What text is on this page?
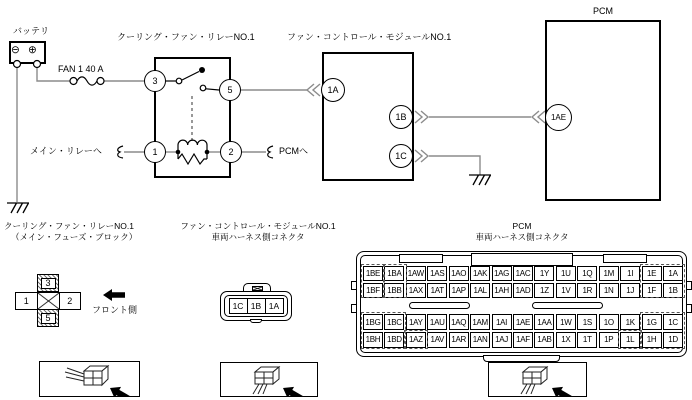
バッテリ
⊖ ⊕
FAN 1 40 A
クーリング・ファン・リレーNO.1	ファン・コントロール・モジュールNO.1
PCM
メイン・リレーへ	PCMへ
3
5
1	2
1A
1B
1C
1AE
クーリング・ファン・リレーNO.1
（メイン・フューズ・ブロック）
ファン・コントロール・モジュールNO.1
車両ハーネス側コネクタ
PCM
車両ハーネス側コネクタ
3
1	2
5
フロント側	1C 1B 1A
1BE 1BA 1AW 1AS 1AO 1AK 1AG 1AC	1Y	1U	1Q	1M	1I	1E	1A
1BF 1BB 1AX 1AT 1AP 1AL 1AH 1AD	1Z	1V	1R	1N	1J	1F	1B
1BG 1BC 1AY 1AU 1AQ 1AM	1AI	1AE 1AA	1W	1S	1O	1K	1G	1C
1BH 1BD 1AZ 1AV 1AR 1AN 1AJ	1AF 1AB	1X	1T	1P	1L	1H	1D
